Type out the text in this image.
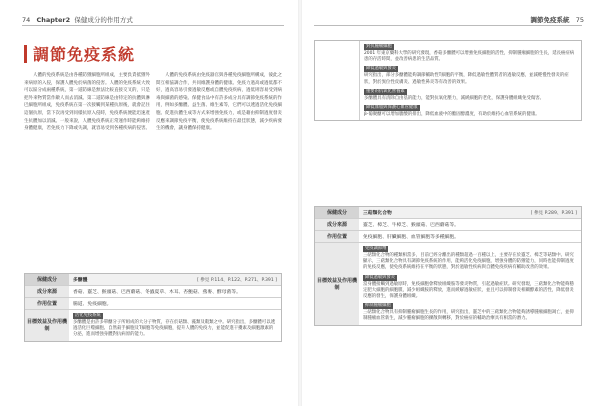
74 Chapter2 保健成分的作用方式
調節免疫系統

人體的免疫系統是由各種防禦細胞所組成，主要負責抵禦外來病原的入侵，保護人體免於病菌的侵害。人體的免疫系統大致可以區分成兩種系統，第一道防線是無法比較直接交叉的，只是把外來物質當作敵人而去消滅。第二道防線是由特定的抗體與淋巴細胞所組成，免疫系統在第一次接觸到某種抗原後，就會記住這個抗原，當下次再受到同樣抗原入侵時，免疫系統便能迅速產生抗體加以消滅。一般來說，人體免疫系統正常運作時能夠維持身體健康，若免疫力下降或失調，就容易受到各種疾病的侵害。

人體的免疫系統由免疫器官與各種免疫細胞所構成，彼此之間互相協調合作，共同維護身體的健康。免疫力過高或過低都不好，過高容易引發過敏反應或自體免疫疾病，過低則容易受到病毒與細菌的感染。保健食品中有許多成分具有調節免疫系統的作用，例如多醣體、益生菌、維生素等，它們可以透過活化免疫細胞、促進抗體生成等方式來增強免疫力，或是藉由抑制過度發炎反應來調節免疫平衡，使免疫系統維持在最佳狀態，減少疾病發生的機會，讓身體保持健康。

保健成分	多醣體	[ 參見 P.114、P.122、P.271、P.391 ]
成分來源	香菇、靈芝、猴頭菇、巴西蘑菇、冬蟲夏草、木耳、杏鮑菇、燕麥、酵母菌等。
作用位置	腸道、免疫細胞。
目標效益及作用機制
活化免疫系統

多醣體是由許多單醣分子所組成的大分子物質，存在於菇類、藻類及穀類之中。研究指出，多醣體可以透過活化巨噬細胞、自然殺手細胞及T細胞等免疫細胞，提升人體的免疫力，並能促進干擾素及細胞激素的分泌，進而增強身體對抗病原的能力。

調節免疫系統 75
對抗腫瘤細胞

2001 年東京藥科大學的研究發現，香菇多醣體可以增強免疫細胞的活性，抑制腫瘤細胞的生長，延長癌症病患的存活時間，並改善病患的生活品質。

降低過敏與發炎

研究指出，部分多醣體能夠調節輔助性T細胞的平衡，降低過敏性體質者的過敏反應，並減輕慢性發炎的症狀，對於異位性皮膚炎、過敏性鼻炎等有改善的效果。

重要的抗氧化營養素

多醣體具有清除自由基的能力，能對抗氧化壓力，減緩細胞的老化，保護身體組織免受傷害。

降低血脂與保護心血管健康

β-葡聚醣可以增加膽酸的排出，降低血液中的膽固醇濃度，有助於維持心血管系統的健康。

保健成分	三萜類化合物	[ 參見 P.289、P.391 ]
成分來源	靈芝、樟芝、牛樟芝、猴頭菇、巴西蘑菇等。
作用位置	免疫細胞、肝臟細胞、血管細胞等多種細胞。
目標效益及作用機制
免疫調節劑

三萜類化合物的種類相當多，目前已經分離出的種類超過一百種以上，主要存在於靈芝、樟芝等菇類中。研究顯示，三萜類化合物具有調節免疫系統的作用，能夠活化免疫細胞，增強身體的防禦能力，同時也能抑制過度的免疫反應，使免疫系統維持在平衡的狀態，對於過敏性疾病與自體免疫疾病有輔助改善的效果。

降低過敏與發炎

當身體接觸到過敏原時，免疫細胞會釋放組織胺等發炎物質，引起過敏症狀。研究發現，三萜類化合物能夠穩定肥大細胞的細胞膜，減少組織胺的釋放，進而緩解過敏症狀，並且可以抑制發炎相關酵素的活性，降低發炎反應的發生，保護身體組織。

抑制腫瘤細胞

三萜類化合物具有抑制腫瘤細胞生長的作用，研究指出，靈芝中的三萜類化合物能夠誘導腫瘤細胞凋亡，並抑制腫瘤血管新生，減少腫瘤細胞的擴散與轉移，對於癌症的輔助治療具有相當的潛力。
